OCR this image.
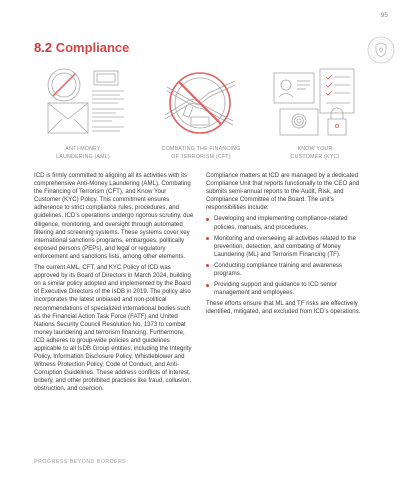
95
8.2 Compliance
ANTI-MONEY
LAUNDERING (AML)
COMBATING THE FINANCING
OF TERRORISM (CFT)
KNOW YOUR
CUSTOMER (KYC)

ICD is firmly committed to aligning all its activities with its comprehensive Anti-Money Laundering (AML), Combating the Financing of Terrorism (CFT), and Know Your Customer (KYC) Policy. This commitment ensures adherence to strict compliance rules, procedures, and guidelines. ICD’s operations undergo rigorous scrutiny, due diligence, monitoring, and oversight through automated filtering and screening systems. These systems cover key international sanctions programs, embargoes, politically exposed persons (PEPs), and legal or regulatory enforcement and sanctions lists, among other elements.

The current AML, CFT, and KYC Policy of ICD was approved by its Board of Directors in March 2024, building on a similar policy adopted and implemented by the Board of Executive Directors of the IsDB in 2019. The policy also incorporates the latest unbiased and non-political recommendations of specialized international bodies such as the Financial Action Task Force (FATF) and United Nations Security Council Resolution No. 1373 to combat money laundering and terrorism financing. Furthermore, ICD adheres to group-wide policies and guidelines applicable to all IsDB Group entities, including the Integrity Policy, Information Disclosure Policy, Whistleblower and Witness Protection Policy, Code of Conduct, and Anti-Corruption Guidelines. These address conflicts of interest, bribery, and other prohibited practices like fraud, collusion, obstruction, and coercion.

Compliance matters at ICD are managed by a dedicated Compliance Unit that reports functionally to the CEO and submits semi-annual reports to the Audit, Risk, and Compliance Committee of the Board. The unit’s responsibilities include:

Developing and implementing compliance-related policies, manuals, and procedures.
Monitoring and overseeing all activities related to the prevention, detection, and combating of Money Laundering (ML) and Terrorism Financing (TF).
Conducting compliance training and awareness programs.
Providing support and guidance to ICD senior management and employees.

These efforts ensure that ML and TF risks are effectively identified, mitigated, and excluded from ICD’s operations.

PROGRESS BEYOND BORDERS
